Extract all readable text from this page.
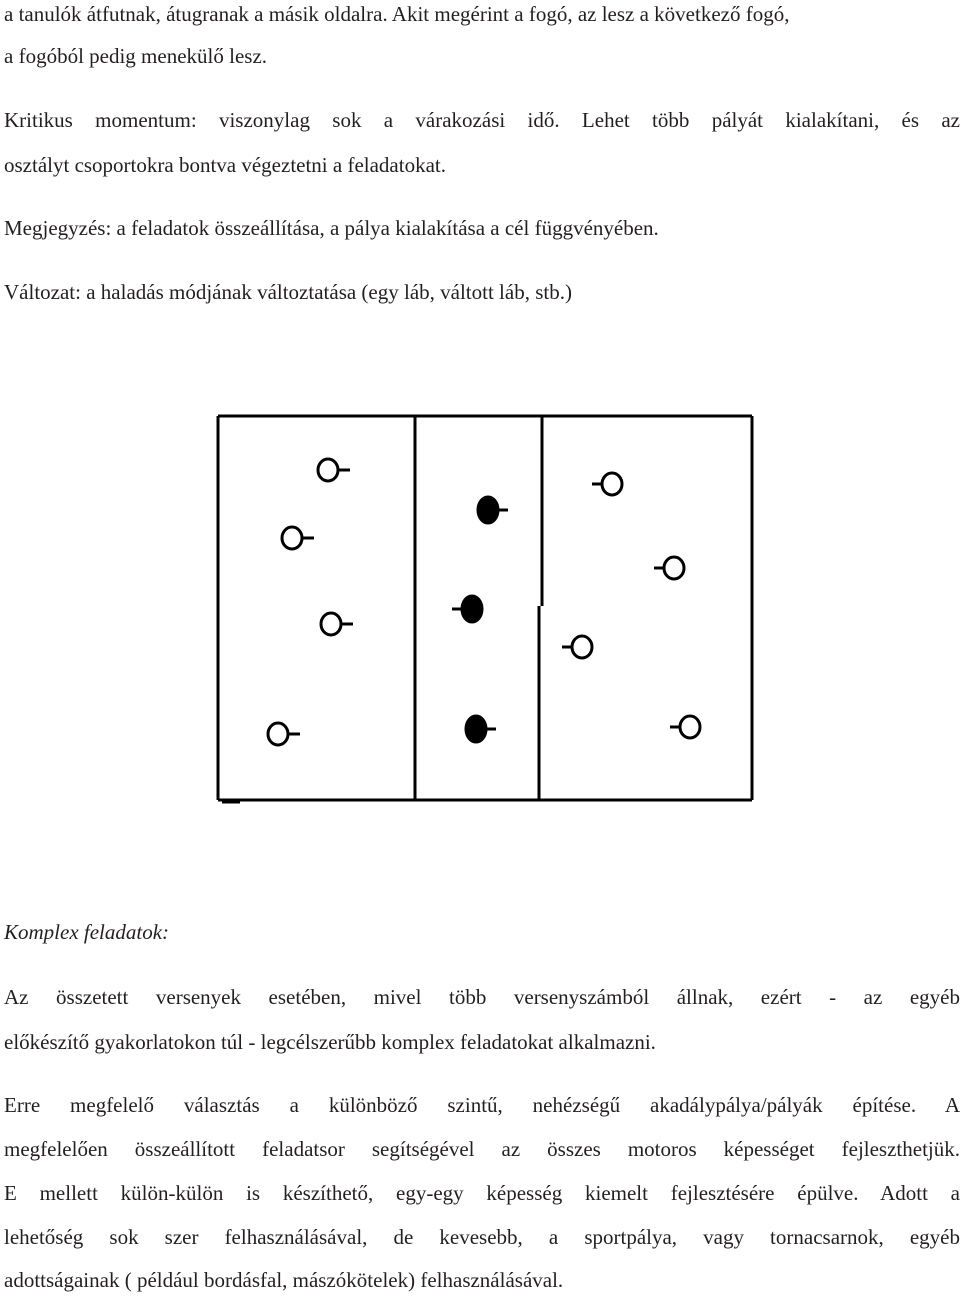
a tanulók átfutnak, átugranak a másik oldalra. Akit megérint a fogó, az lesz a következő fogó,
a fogóból pedig menekülő lesz.
Kritikus momentum: viszonylag sok a várakozási idő. Lehet több pályát kialakítani, és az
osztályt csoportokra bontva végeztetni a feladatokat.
Megjegyzés: a feladatok összeállítása, a pálya kialakítása a cél függvényében.
Változat: a haladás módjának változtatása (egy láb, váltott láb, stb.)
Komplex feladatok:
Az összetett versenyek esetében, mivel több versenyszámból állnak, ezért - az egyéb
előkészítő gyakorlatokon túl - legcélszerűbb komplex feladatokat alkalmazni.
Erre megfelelő választás a különböző szintű, nehézségű akadálypálya/pályák építése. A
megfelelően összeállított feladatsor segítségével az összes motoros képességet fejleszthetjük.
E mellett külön-külön is készíthető, egy-egy képesség kiemelt fejlesztésére épülve. Adott a
lehetőség sok szer felhasználásával, de kevesebb, a sportpálya, vagy tornacsarnok, egyéb
adottságainak ( például bordásfal, mászókötelek) felhasználásával.
